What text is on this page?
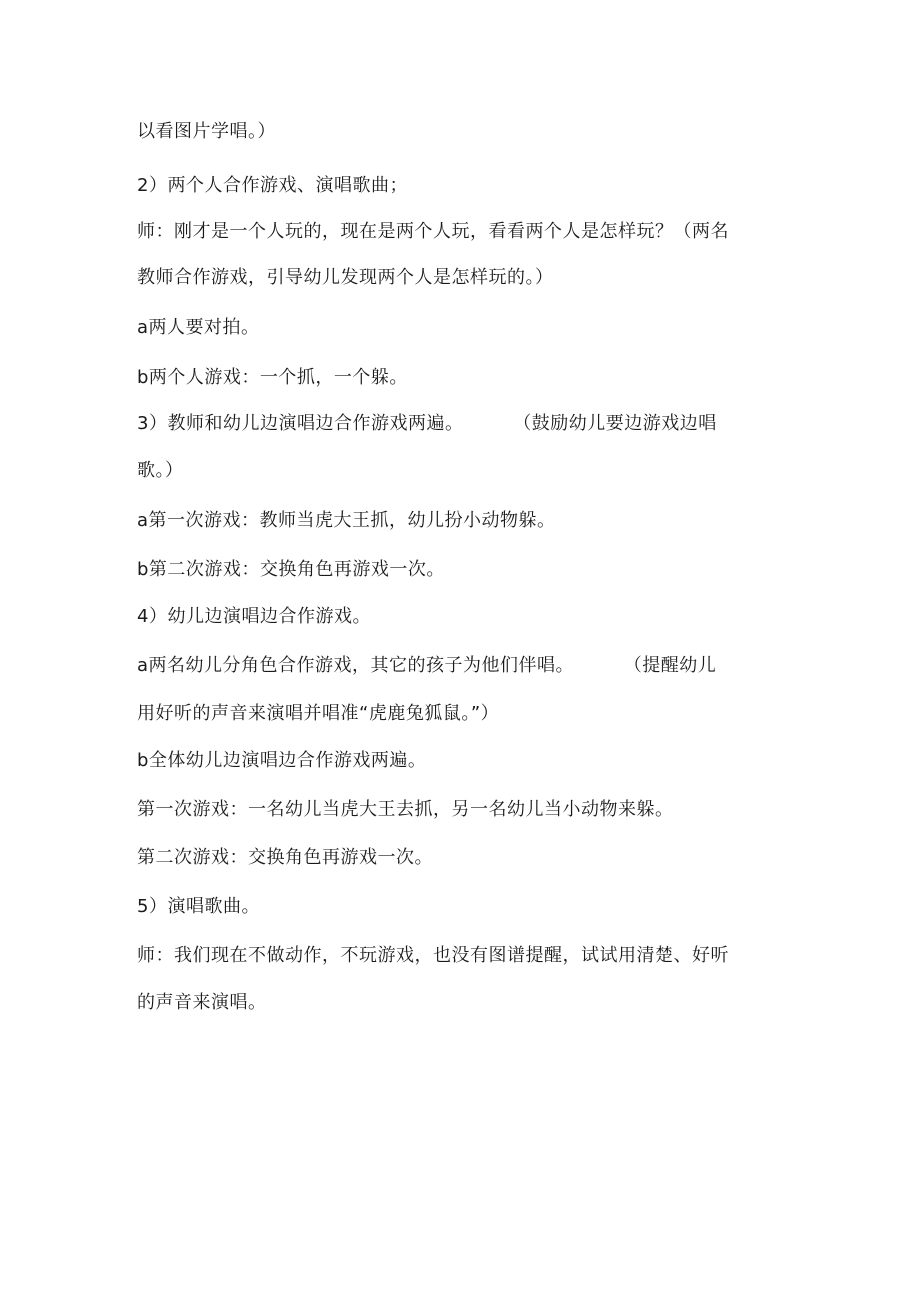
以看图片学唱。）
2）两个人合作游戏、演唱歌曲；
师：刚才是一个人玩的，现在是两个人玩，看看两个人是怎样玩？（两名
教师合作游戏，引导幼儿发现两个人是怎样玩的。）
a两人要对拍。
b两个人游戏：一个抓，一个躲。
3）教师和幼儿边演唱边合作游戏两遍。        （鼓励幼儿要边游戏边唱
歌。）
a第一次游戏：教师当虎大王抓，幼儿扮小动物躲。
b第二次游戏：交换角色再游戏一次。
4）幼儿边演唱边合作游戏。
a两名幼儿分角色合作游戏，其它的孩子为他们伴唱。        （提醒幼儿
用好听的声音来演唱并唱准“虎鹿兔狐鼠。”）
b全体幼儿边演唱边合作游戏两遍。
第一次游戏：一名幼儿当虎大王去抓，另一名幼儿当小动物来躲。
第二次游戏：交换角色再游戏一次。
5）演唱歌曲。
师：我们现在不做动作，不玩游戏，也没有图谱提醒，试试用清楚、好听
的声音来演唱。
